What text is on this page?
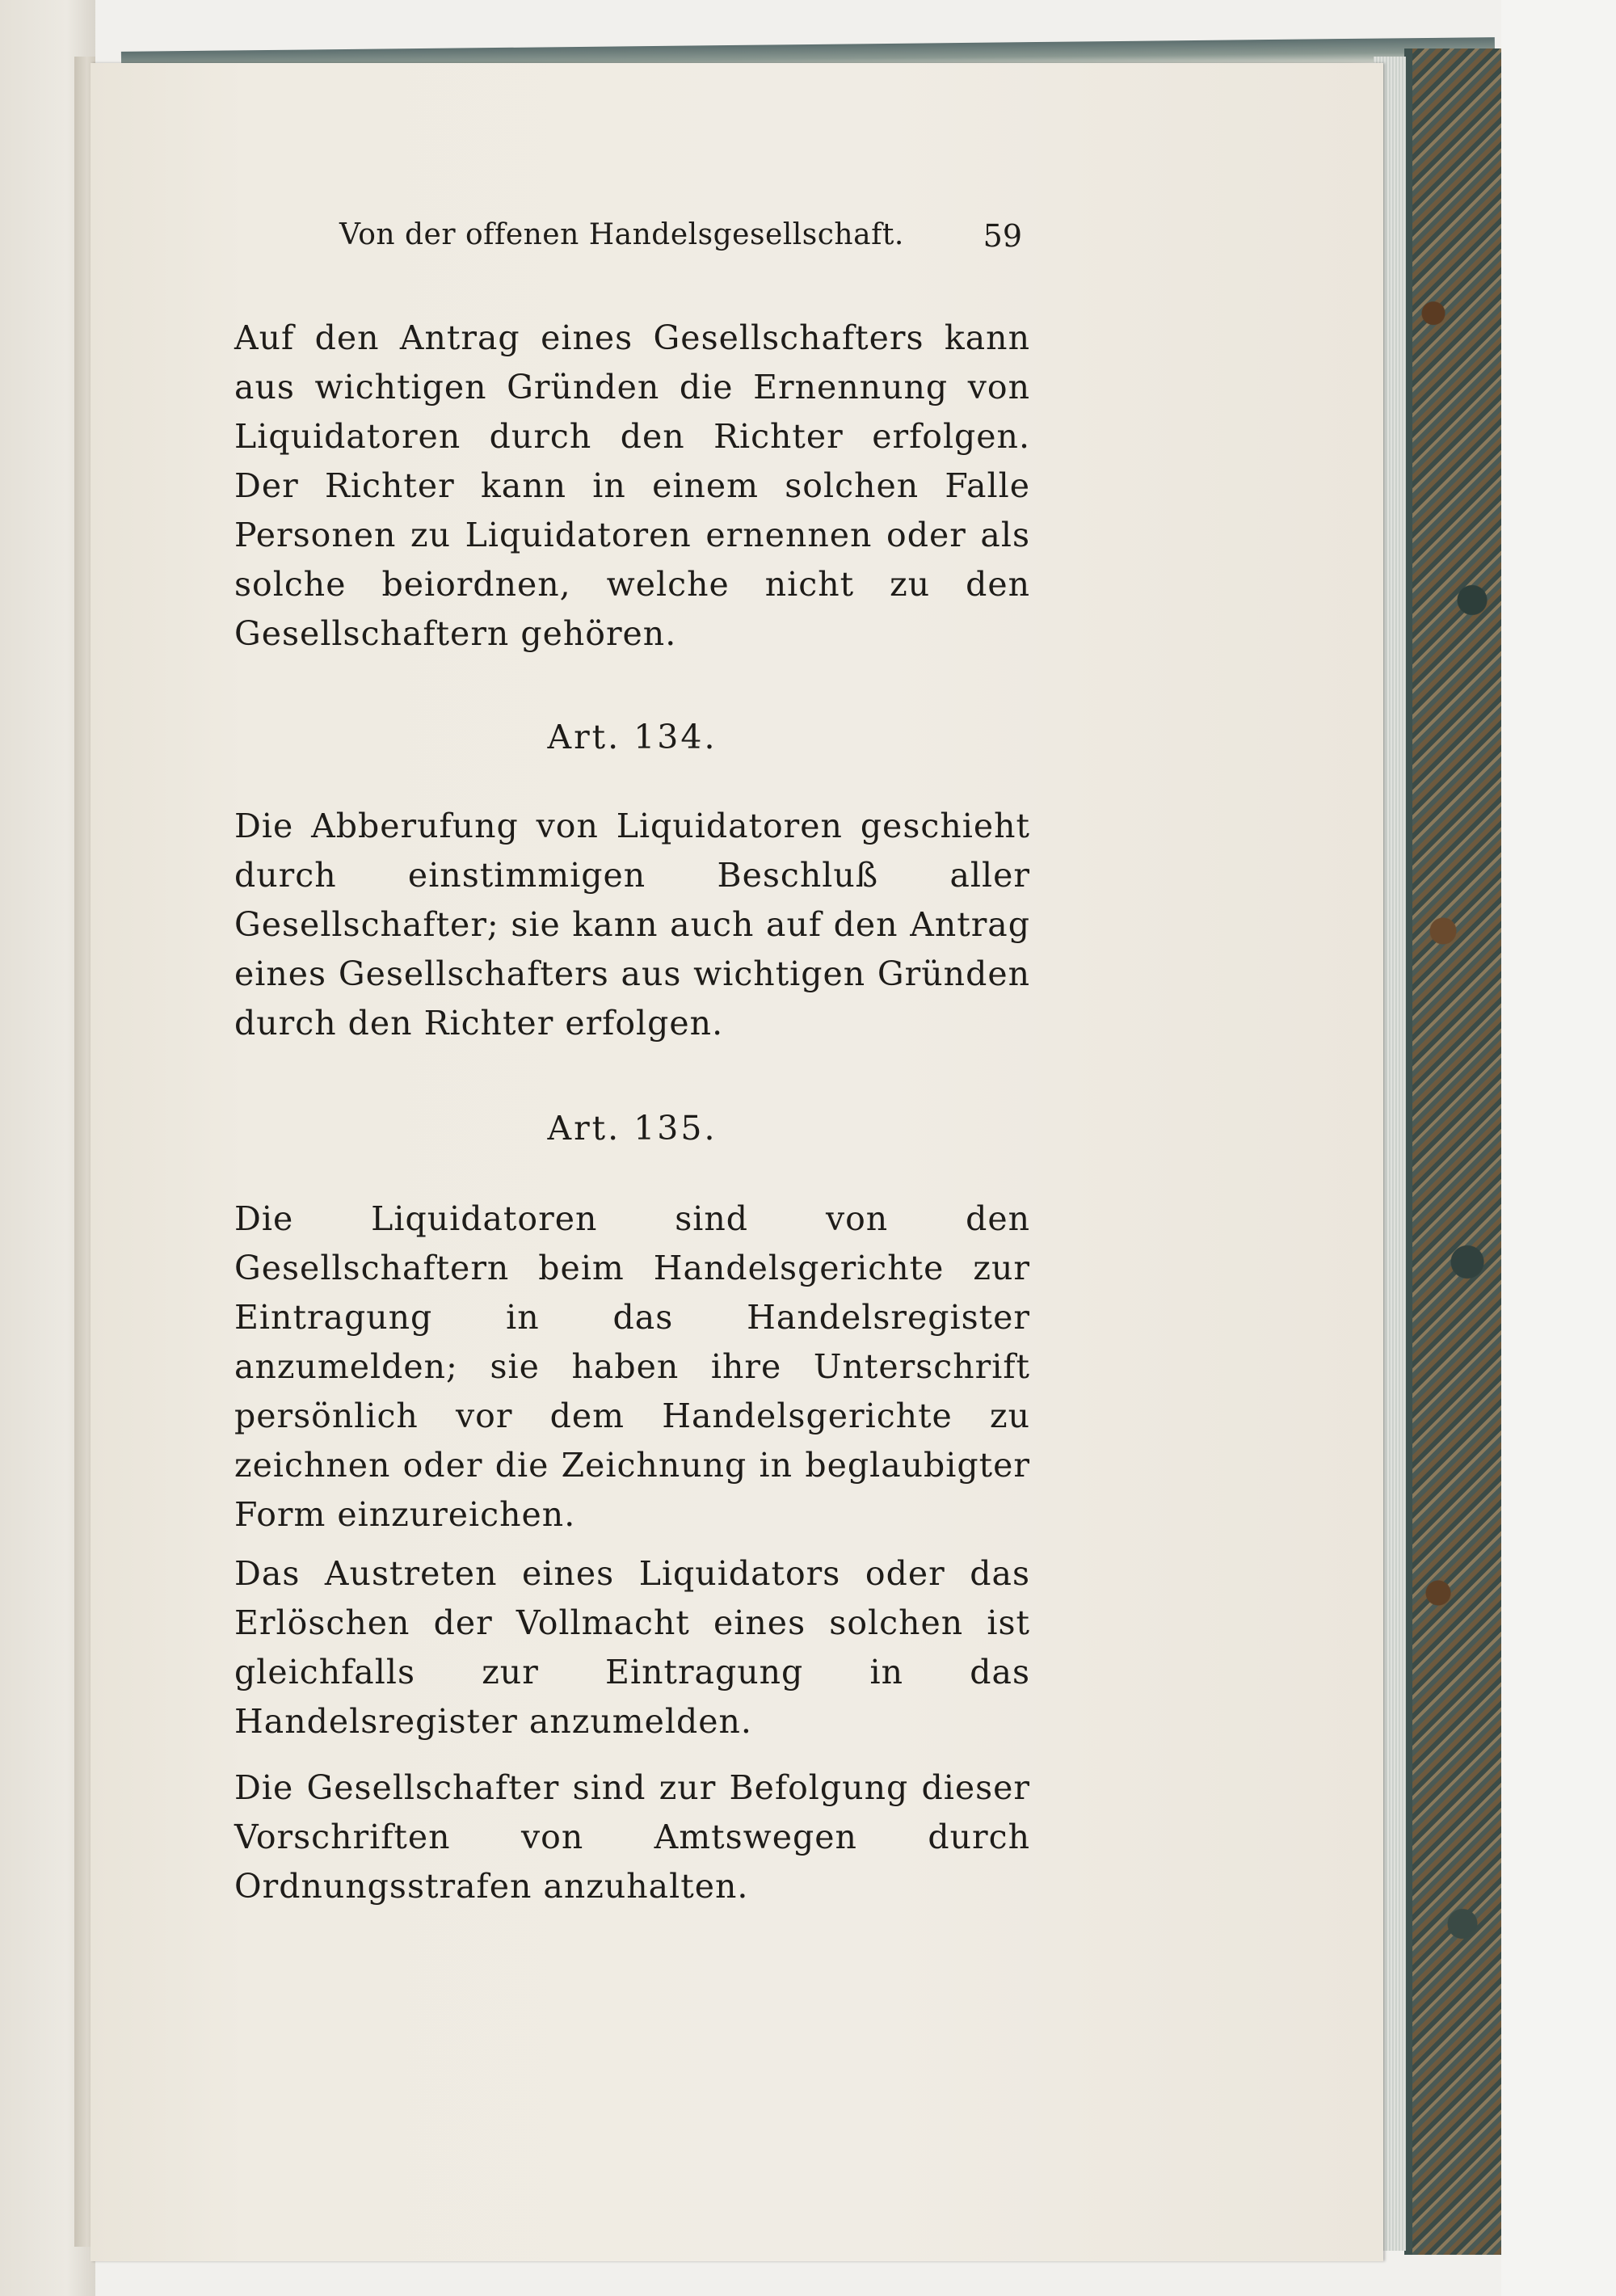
Von der offenen Handelsgesellschaft.	59
Auf den Antrag eines Gesellschafters kann aus wichtigen Gründen die Ernennung von Liquidatoren durch den Richter erfolgen. Der Richter kann in einem solchen Falle Personen zu Liquidatoren ernennen oder als solche beiordnen, welche nicht zu den Gesellschaftern gehören.
Art. 134.
Die Abberufung von Liquidatoren geschieht durch einstimmigen Beschluß aller Gesellschafter; sie kann auch auf den Antrag eines Gesellschafters aus wichtigen Gründen durch den Richter erfolgen.
Art. 135.
Die Liquidatoren sind von den Gesellschaftern beim Handelsgerichte zur Eintragung in das Handelsregister anzumelden; sie haben ihre Unterschrift persönlich vor dem Handelsgerichte zu zeichnen oder die Zeichnung in beglaubigter Form einzureichen.
Das Austreten eines Liquidators oder das Erlöschen der Vollmacht eines solchen ist gleichfalls zur Eintragung in das Handelsregister anzumelden.
Die Gesellschafter sind zur Befolgung dieser Vorschriften von Amtswegen durch Ordnungsstrafen anzuhalten.
